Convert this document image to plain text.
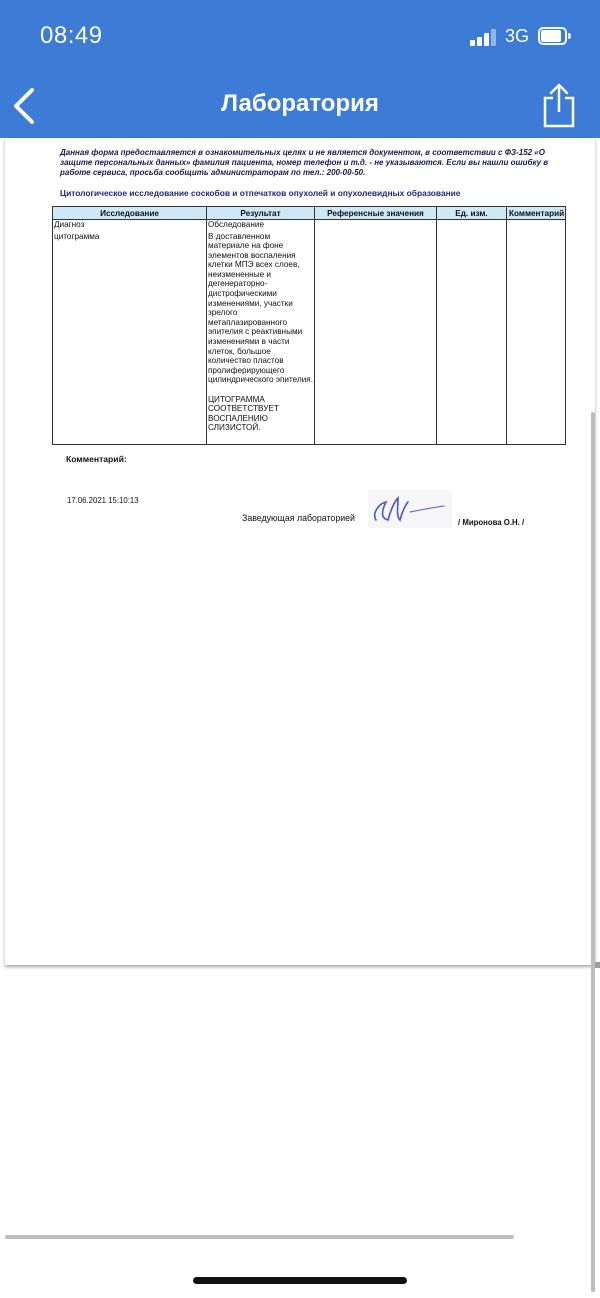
08:49	3G
Лаборатория
Данная форма предоставляется в ознакомительных целях и не является документом, в соответствии с ФЗ-152 «О защите персональных данных» фамилия пациента, номер телефон и т.д. - не указываются. Если вы нашли ошибку в работе сервиса, просьба сообщить администраторам по тел.: 200-00-50.
Цитологическое исследование соскобов и отпечатков опухолей и опухолевидных образование
Исследование	Результат	Референсные значения	Ед. изм.	Комментарий
Диагноз	Обследование			
цитограмма	В доставленном материале на фоне элементов воспаления клетки МПЭ всех слоев, неизмененные и дегенераторно-дистрофическими изменениями, участки зрелого метаплазированного эпителия с реактивными изменениями в части клеток, большое количество пластов пролиферирующего цилиндрического эпителия.

ЦИТОГРАММА СООТВЕТСТВУЕТ ВОСПАЛЕНИЮ СЛИЗИСТОЙ.			
Комментарий:
17.06.2021 15:10:13
Заведующая лабораторией	/ Миронова О.Н. /
